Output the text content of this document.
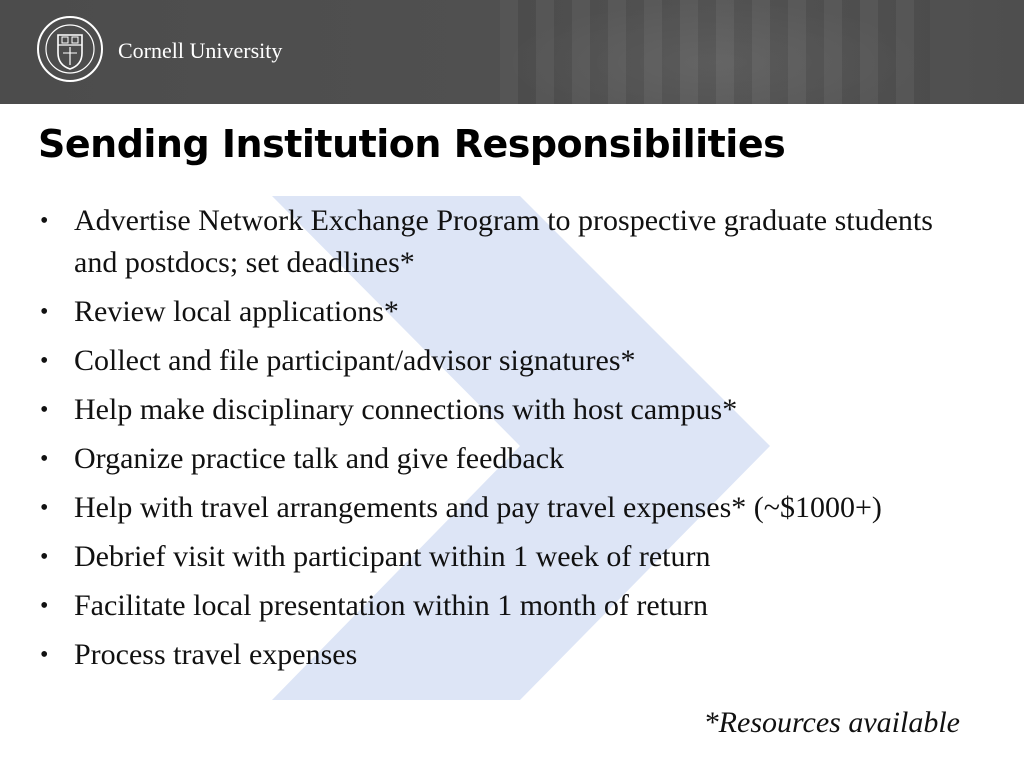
Cornell University
Sending Institution Responsibilities
• Advertise Network Exchange Program to prospective graduate students and postdocs; set deadlines*
• Review local applications*
• Collect and file participant/advisor signatures*
• Help make disciplinary connections with host campus*
• Organize practice talk and give feedback
• Help with travel arrangements and pay travel expenses* (~$1000+)
• Debrief visit with participant within 1 week of return
• Facilitate local presentation within 1 month of return
• Process travel expenses
*Resources available
